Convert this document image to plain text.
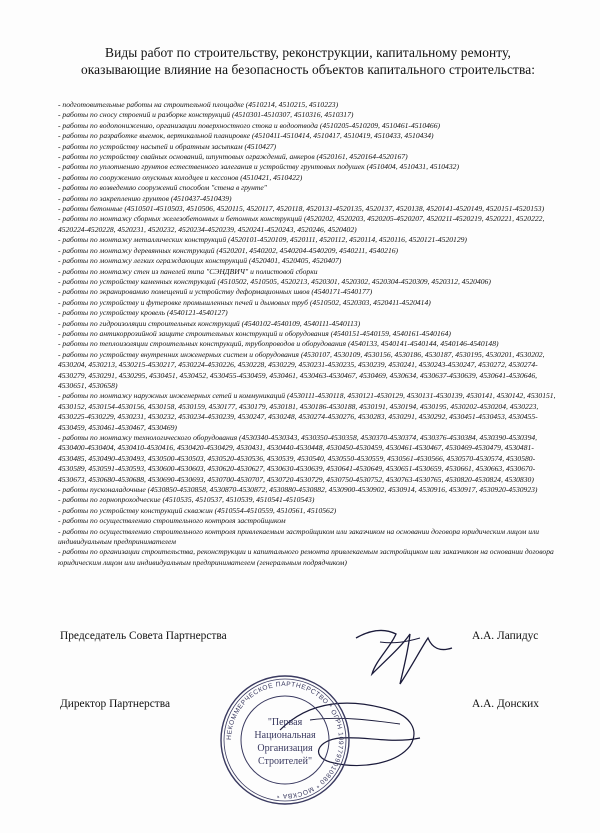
Виды работ по строительству, реконструкции, капитальному ремонту,
оказывающие влияние на безопасность объектов капитального строительства:
- подготовительные работы на строительной площадке (4510214, 4510215, 4510223)
- работы по сносу строений и разборке конструкций (4510301-4510307, 4510316, 4510317)
- работы по водопонижению, организации поверхностного стока и водоотвода (4510205-4510209, 4510461-4510466)
- работы по разработке выемок, вертикальной планировке (4510411-4510414, 4510417, 4510419, 4510433, 4510434)
- работы по устройству насыпей и обратным засыпкам (4510427)
- работы по устройству свайных оснований, шпунтовых ограждений, анкеров (4520161, 4520164-4520167)
- работы по уплотнению грунтов естественного залегания и устройству грунтовых подушек (4510404, 4510431, 4510432)
- работы по сооружению опускных колодцев и кессонов (4510421, 4510422)
- работы по возведению сооружений способом "стена в грунте"
- работы по закреплению грунтов (4510437-4510439)
- работы бетонные (4510501-4510503, 4510506, 4520115, 4520117, 4520118, 4520131-4520135, 4520137, 4520138, 4520141-4520149, 4520151-4520153)
- работы по монтажу сборных железобетонных и бетонных конструкций (4520202, 4520203, 4520205-4520207, 4520211-4520219, 4520221, 4520222, 4520224-4520228, 4520231, 4520232, 4520234-4520239, 4520241-4520243, 4520246, 4520402)
- работы по монтажу металлических конструкций (4520101-4520109, 4520111, 4520112, 4520114, 4520116, 4520121-4520129)
- работы по монтажу деревянных конструкций (4520201, 4540202, 4540204-4540209, 4540211, 4540216)
- работы по монтажу легких ограждающих конструкций (4520401, 4520405, 4520407)
- работы по монтажу стен из панелей типа "СЭНДВИЧ" и полистовой сборки
- работы по устройству каменных конструкций (4510502, 4510505, 4520213, 4520301, 4520302, 4520304-4520309, 4520312, 4520406)
- работы по экранированию помещений и устройству деформационных швов (4540171-4540177)
- работы по устройству и футеровке промышленных печей и дымовых труб (4510502, 4520303, 4520411-4520414)
- работы по устройству кровель (4540121-4540127)
- работы по гидроизоляции строительных конструкций (4540102-4540109, 4540111-4540113)
- работы по антикоррозийной защите строительных конструкций и оборудования (4540151-4540159, 4540161-4540164)
- работы по теплоизоляции строительных конструкций, трубопроводов и оборудования (4540133, 4540141-4540144, 4540146-4540148)
- работы по устройству внутренних инженерных систем и оборудования (4530107, 4530109, 4530156, 4530186, 4530187, 4530195, 4530201, 4530202, 4530204, 4530213, 4530215-4530217, 4530224-4530226, 4530228, 4530229, 4530231-4530235, 4530239, 4530241, 4530243-4530247, 4530272, 4530274-4530279, 4530291, 4530295, 4530451, 4530452, 4530455-4530459, 4530461, 4530463-4530467, 4530469, 4530634, 4530637-4530639, 4530641-4530646, 4530651, 4530658)
- работы по монтажу наружных инженерных сетей и коммуникаций (4530111-4530118, 4530121-4530129, 4530131-4530139, 4530141, 4530142, 4530151, 4530152, 4530154-4530156, 4530158, 4530159, 4530177, 4530179, 4530181, 4530186-4530188, 4530191, 4530194, 4530195, 4530202-4530204, 4530223, 4530225-4530229, 4530231, 4530232, 4530234-4530239, 4530247, 4530248, 4530274-4530276, 4530283, 4530291, 4530292, 4530451-4530453, 4530455-4530459, 4530461-4530467, 4530469)
- работы по монтажу технологического оборудования (4530340-4530343, 4530350-4530358, 4530370-4530374, 4530376-4530384, 4530390-4530394, 4530400-4530404, 4530410-4530416, 4530420-4530429, 4530431, 4530440-4530448, 4530450-4530459, 4530461-4530467, 4530469-4530479, 4530481-4530485, 4530490-4530493, 4530500-4530503, 4530520-4530536, 4530539, 4530540, 4530550-4530559, 4530561-4530566, 4530570-4530574, 4530580-4530589, 4530591-4530593, 4530600-4530603, 4530620-4530627, 4530630-4530639, 4530641-4530649, 4530651-4530659, 4530661, 4530663, 4530670-4530673, 4530680-4530688, 4530690-4530693, 4530700-4530707, 4530720-4530729, 4530750-4530752, 4530763-4530765, 4530820-4530824, 4530830)
- работы пусконаладочные (4530850-4530858, 4530870-4530872, 4530880-4530882, 4530900-4530902, 4530914, 4530916, 4530917, 4530920-4530923)
- работы по горнопроходческие (4510535, 4510537, 4510539, 4510541-4510543)
- работы по устройству конструкций скважин (4510554-4510559, 4510561, 4510562)
- работы по осуществлению строительного контроля застройщиком
- работы по осуществлению строительного контроля привлекаемым застройщиком или заказчиком на основании договора юридическим лицом или индивидуальным предпринимателем
- работы по организации строительства, реконструкции и капитального ремонта привлекаемым застройщиком или заказчиком на основании договора юридическим лицом или индивидуальным предпринимателем (генеральным подрядчиком)
Председатель Совета Партнерства	А.А. Лапидус
Директор Партнерства	А.А. Донских
НЕКОММЕРЧЕСКОЕ ПАРТНЕРСТВО * ОГРН 1097799010880 * МОСКВА *
"Первая
Национальная
Организация
Строителей"
